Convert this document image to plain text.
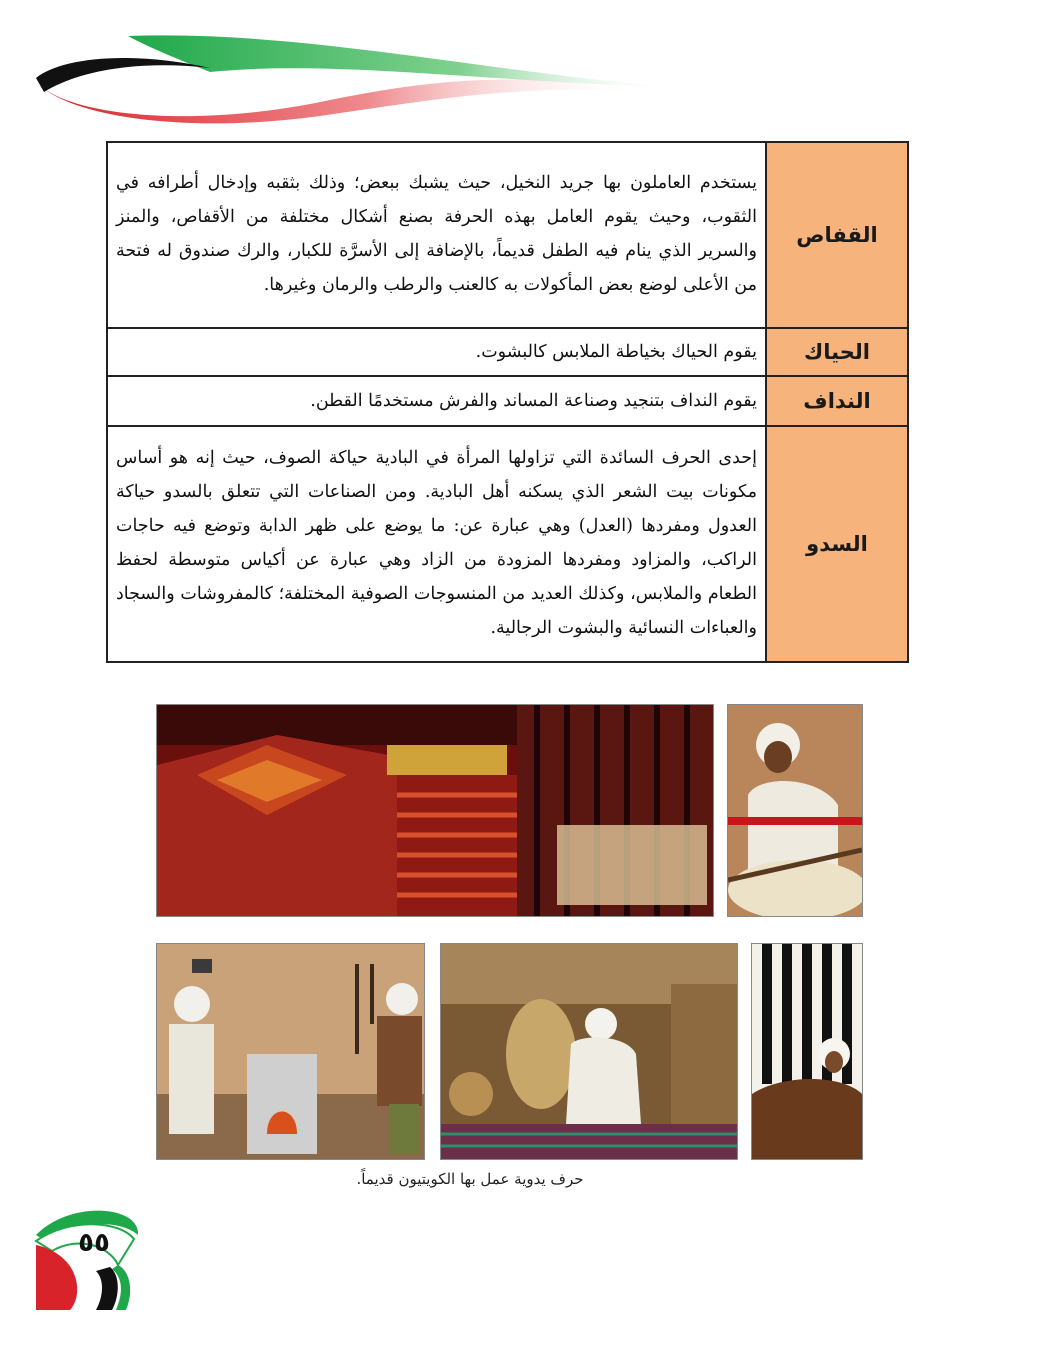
القفاص	يستخدم العاملون بها جريد النخيل، حيث يشبك ببعض؛ وذلك بثقبه وإدخال أطرافه في الثقوب، وحيث يقوم العامل بهذه الحرفة بصنع أشكال مختلفة من الأقفاص، والمنز والسرير الذي ينام فيه الطفل قديماً، بالإضافة إلى الأسرَّة للكبار، والرك صندوق له فتحة من الأعلى لوضع بعض المأكولات به كالعنب والرطب والرمان وغيرها.
الحياك	يقوم الحياك بخياطة الملابس كالبشوت.
النداف	يقوم النداف بتنجيد وصناعة المساند والفرش مستخدمًا القطن.
السدو	إحدى الحرف السائدة التي تزاولها المرأة في البادية حياكة الصوف، حيث إنه هو أساس مكونات بيت الشعر الذي يسكنه أهل البادية. ومن الصناعات التي تتعلق بالسدو حياكة العدول ومفردها (العدل) وهي عبارة عن: ما يوضع على ظهر الدابة وتوضع فيه حاجات الراكب، والمزاود ومفردها المزودة من الزاد وهي عبارة عن أكياس متوسطة لحفظ الطعام والملابس، وكذلك العديد من المنسوجات الصوفية المختلفة؛ كالمفروشات والسجاد والعباءات النسائية والبشوت الرجالية.
حرف يدوية عمل بها الكويتيون قديماً.
٥٥
